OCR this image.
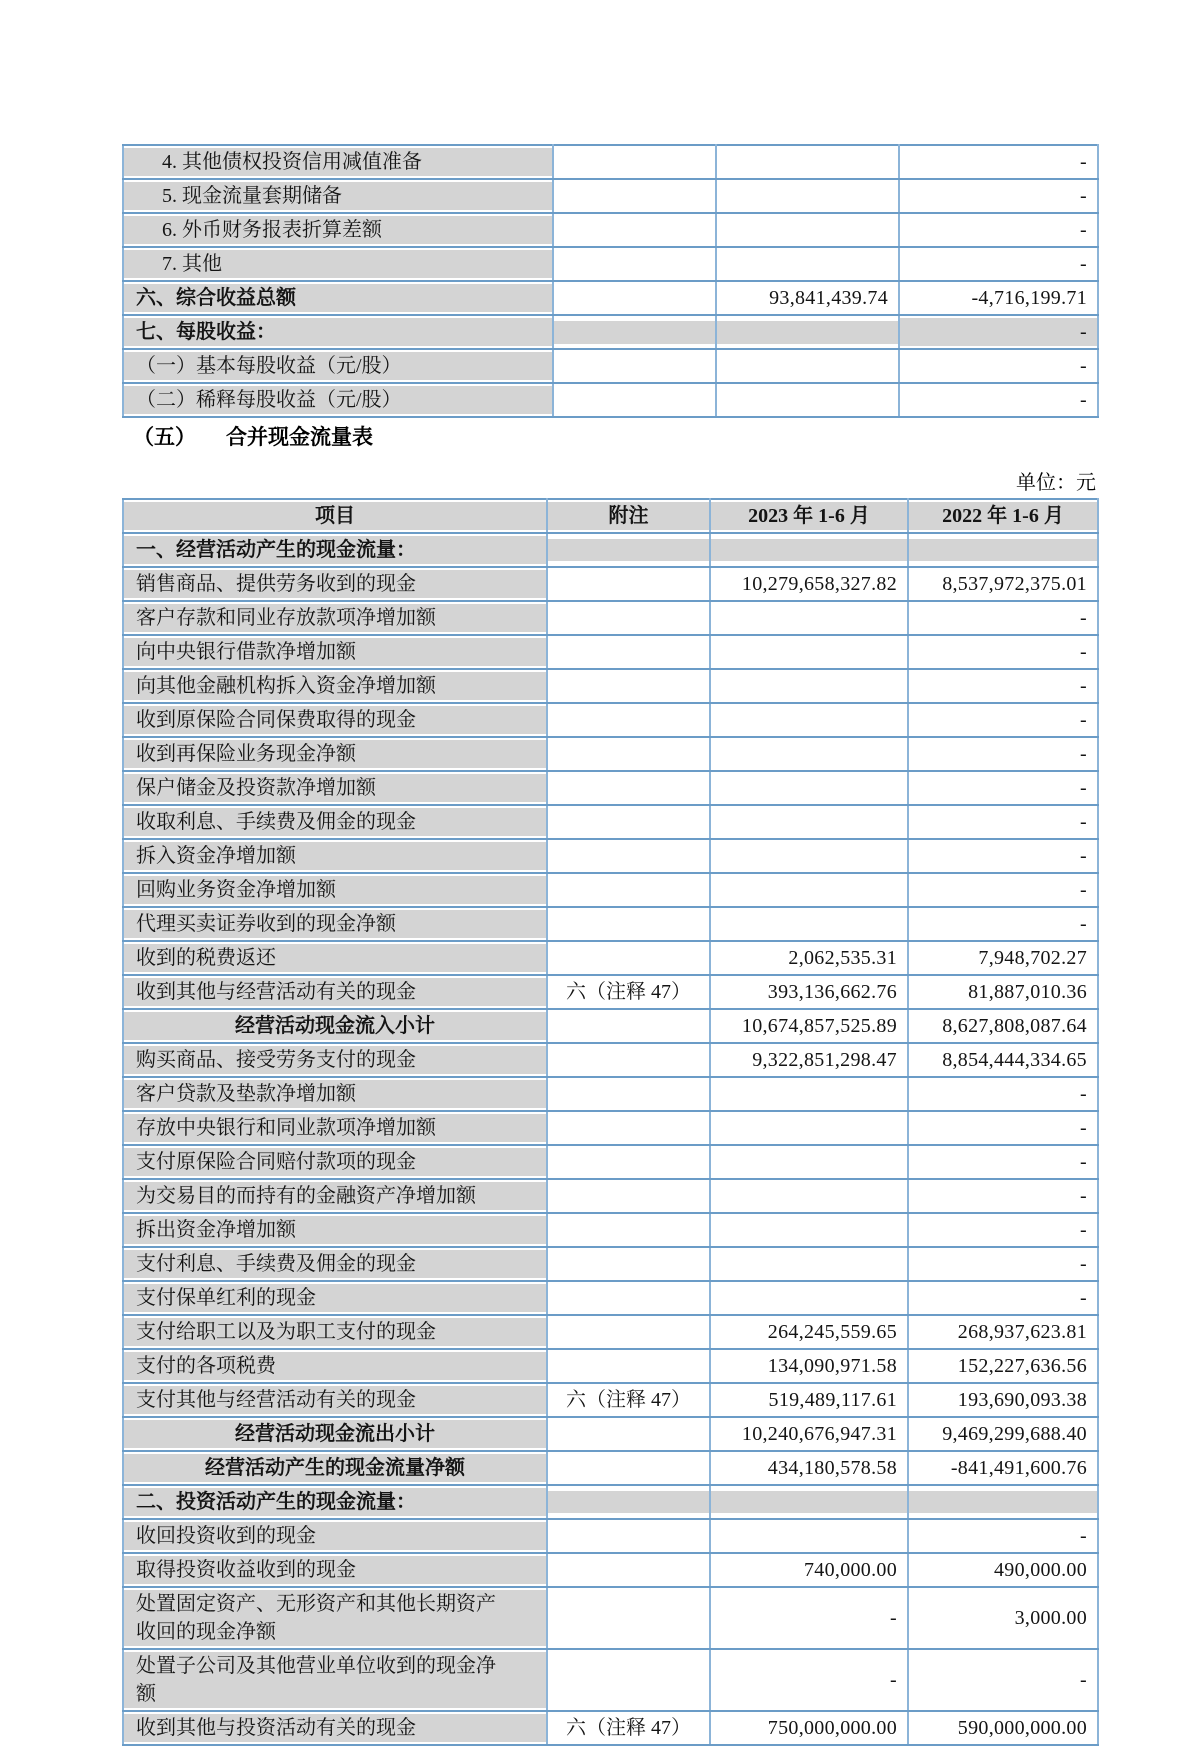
4. 其他债权投资信用减值准备			-

5. 现金流量套期储备			-

6. 外币财务报表折算差额			-

7. 其他			-

六、综合收益总额		93,841,439.74	-4,716,199.71

七、每股收益：			-

（一）基本每股收益（元/股）			-

（二）稀释每股收益（元/股）			-
（五） 合并现金流量表
单位：元
项目	附注	2023 年 1-6 月	2022 年 1-6 月

一、经营活动产生的现金流量：			

销售商品、提供劳务收到的现金		10,279,658,327.82	8,537,972,375.01

客户存款和同业存放款项净增加额			-

向中央银行借款净增加额			-

向其他金融机构拆入资金净增加额			-

收到原保险合同保费取得的现金			-

收到再保险业务现金净额			-

保户储金及投资款净增加额			-

收取利息、手续费及佣金的现金			-

拆入资金净增加额			-

回购业务资金净增加额			-

代理买卖证券收到的现金净额			-

收到的税费返还		2,062,535.31	7,948,702.27

收到其他与经营活动有关的现金	六（注释 47）	393,136,662.76	81,887,010.36

经营活动现金流入小计		10,674,857,525.89	8,627,808,087.64

购买商品、接受劳务支付的现金		9,322,851,298.47	8,854,444,334.65

客户贷款及垫款净增加额			-

存放中央银行和同业款项净增加额			-

支付原保险合同赔付款项的现金			-

为交易目的而持有的金融资产净增加额			-

拆出资金净增加额			-

支付利息、手续费及佣金的现金			-

支付保单红利的现金			-

支付给职工以及为职工支付的现金		264,245,559.65	268,937,623.81

支付的各项税费		134,090,971.58	152,227,636.56

支付其他与经营活动有关的现金	六（注释 47）	519,489,117.61	193,690,093.38

经营活动现金流出小计		10,240,676,947.31	9,469,299,688.40

经营活动产生的现金流量净额		434,180,578.58	-841,491,600.76

二、投资活动产生的现金流量：			

收回投资收到的现金			-

取得投资收益收到的现金		740,000.00	490,000.00

处置固定资产、无形资产和其他长期资产收回的现金净额		-	3,000.00

处置子公司及其他营业单位收到的现金净额		-	-

收到其他与投资活动有关的现金	六（注释 47）	750,000,000.00	590,000,000.00
